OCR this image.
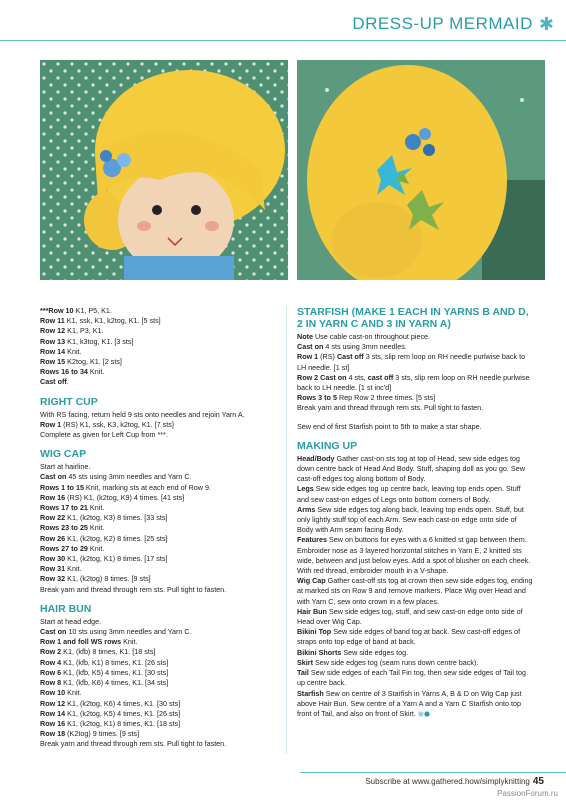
DRESS-UP MERMAID ✱
***Row 10 K1, P5, K1.
Row 11 K1, ssk, K1, k2tog, K1. [5 sts]
Row 12 K1, P3, K1.
Row 13 K1, k3tog, K1. [3 sts]
Row 14 Knit.
Row 15 K2tog, K1. [2 sts]
Rows 16 to 34 Knit.
Cast off.
RIGHT CUP
With RS facing, return held 9 sts onto needles and rejoin Yarn A.
Row 1 (RS) K1, ssk, K3, k2tog, K1. [7 sts]
Complete as given for Left Cup from ***.
WIG CAP
Start at hairline.
Cast on 45 sts using 3mm needles and Yarn C.
Rows 1 to 15 Knit, marking sts at each end of Row 9.
Row 16 (RS) K1, (k2tog, K9) 4 times. [41 sts]
Rows 17 to 21 Knit.
Row 22 K1, (k2tog, K3) 8 times. [33 sts]
Rows 23 to 25 Knit.
Row 26 K1, (k2tog, K2) 8 times. [25 sts]
Rows 27 to 29 Knit.
Row 30 K1, (k2tog, K1) 8 times. [17 sts]
Row 31 Knit.
Row 32 K1, (k2tog) 8 times. [9 sts]
Break yarn and thread through rem sts. Pull tight to fasten.
HAIR BUN
Start at head edge.
Cast on 10 sts using 3mm needles and Yarn C.
Row 1 and foll WS rows Knit.
Row 2 K1, (kfb) 8 times, K1. [18 sts]
Row 4 K1, (kfb, K1) 8 times, K1. [26 sts]
Row 6 K1, (kfb, K5) 4 times, K1. [30 sts]
Row 8 K1, (kfb, K6) 4 times, K1. [34 sts]
Row 10 Knit.
Row 12 K1, (k2tog, K6) 4 times, K1. [30 sts]
Row 14 K1, (k2tog, K5) 4 times, K1. [26 sts]
Row 16 K1, (k2tog, K1) 8 times, K1. [18 sts]
Row 18 (K2tog) 9 times. [9 sts]
Break yarn and thread through rem sts. Pull tight to fasten.
STARFISH (MAKE 1 EACH IN YARNS B AND D, 2 IN YARN C AND 3 IN YARN A)
Note Use cable cast-on throughout piece.
Cast on 4 sts using 3mm needles.
Row 1 (RS) Cast off 3 sts, slip rem loop on RH needle purlwise back to LH needle. [1 st]
Row 2 Cast on 4 sts, cast off 3 sts, slip rem loop on RH needle purlwise back to LH needle. [1 st inc'd]
Rows 3 to 5 Rep Row 2 three times. [5 sts]
Break yarn and thread through rem sts. Pull tight to fasten.
Sew end of first Starfish point to 5th to make a star shape.
MAKING UP
Head/Body Gather cast-on sts tog at top of Head, sew side edges tog down centre back of Head And Body. Stuff, shaping doll as you go. Sew cast-off edges tog along bottom of Body.
Legs Sew side edges tog up centre back, leaving top ends open. Stuff and sew cast-on edges of Legs onto bottom corners of Body.
Arms Sew side edges tog along back, leaving top ends open. Stuff, but only lightly stuff top of each Arm. Sew each cast-on edge onto side of Body with Arm seam facing Body.
Features Sew on buttons for eyes with a 6 knitted st gap between them. Embroider nose as 3 layered horizontal stitches in Yarn E, 2 knitted sts wide, between and just below eyes. Add a spot of blusher on each cheek. With red thread, embroider mouth in a V-shape.
Wig Cap Gather cast-off sts tog at crown then sew side edges tog, ending at marked sts on Row 9 and remove markers. Place Wig over Head and with Yarn C, sew onto crown in a few places.
Hair Bun Sew side edges tog, stuff, and sew cast-on edge onto side of Head over Wig Cap.
Bikini Top Sew side edges of band tog at back. Sew cast-off edges of straps onto top edge of band at back.
Bikini Shorts Sew side edges tog.
Skirt Sew side edges tog (seam runs down centre back).
Tail Sew side edges of each Tail Fin tog, then sew side edges of Tail tog up centre back.
Starfish Sew on centre of 3 Starfish in Yarns A, B & D on Wig Cap just above Hair Bun. Sew centre of a Yarn A and a Yarn C Starfish onto top front of Tail, and also on front of Skirt.
Subscribe at www.gathered.how/simplyknitting 45
PassionForum.ru
